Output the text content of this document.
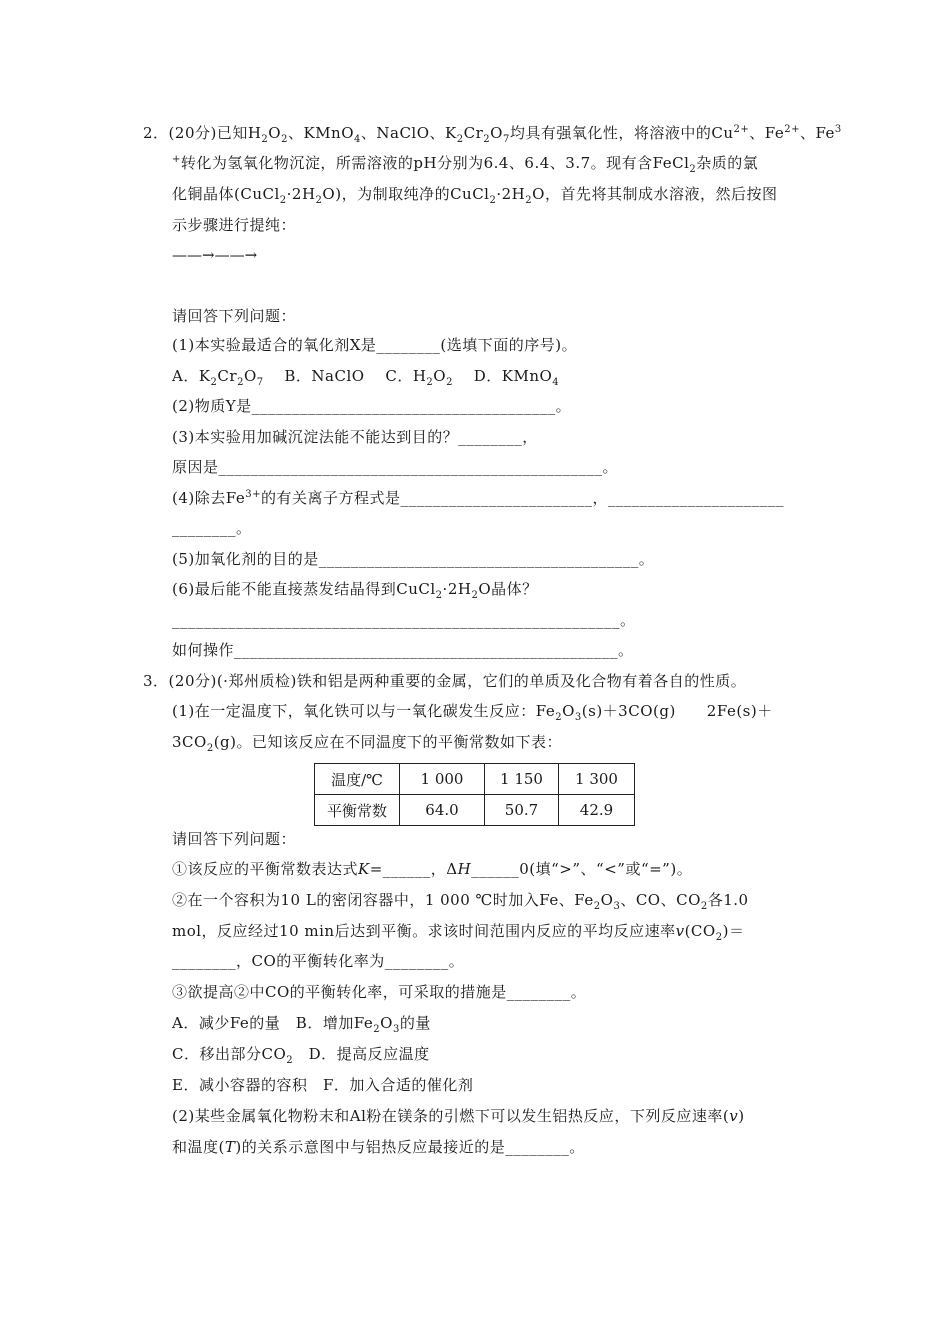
2．(20分)已知$H_2O_2$、KMnO$_4$、NaClO、$K_2Cr_2O_7$均具有强氧化性，将溶液中的$Cu^{2+}$、$Fe^{2+}$、Fe$^3$
+转化为氢氧化物沉淀，所需溶液的pH分别为6.4、6.4、3.7。现有含FeCl$_2$杂质的氯
化铜晶体$(CuCl_2\cdot 2H_2O)$，为制取纯净的$CuCl_2\cdot 2H_2O$，首先将其制成水溶液，然后按图
示步骤进行提纯：
——→——→
请回答下列问题：
(1)本实验最适合的氧化剂X是________(选填下面的序号)。
A．$K_2Cr_2O_7$　 B．NaClO　 C．$H_2O_2$　 D．KMnO$_4$
(2)物质Y是______________________________________。
(3)本实验用加碱沉淀法能不能达到目的？________，
原因是________________________________________________。
(4)除去$Fe^{3+}$的有关离子方程式是________________________，______________________
________。
(5)加氧化剂的目的是________________________________________。
(6)最后能不能直接蒸发结晶得到$CuCl_2\cdot 2H_2O$晶体？
________________________________________________________。
如何操作________________________________________________。
3．(20分)(·郑州质检)铁和铝是两种重要的金属，它们的单质及化合物有着各自的性质。
(1)在一定温度下，氧化铁可以与一氧化碳发生反应：$Fe_2O_3(s)+3CO(g)$　　2Fe(s)＋
$3CO_2(g)$。已知该反应在不同温度下的平衡常数如下表：
温度/℃	1 000	1 150	1 300
平衡常数	64.0	50.7	42.9
请回答下列问题：
①该反应的平衡常数表达式K=______，ΔH______0(填“>”、“<”或“=”)。
②在一个容积为10 L的密闭容器中，1 000 ℃时加入Fe、$Fe_2O_3$、CO、$CO_2$各1.0
mol，反应经过10 min后达到平衡。求该时间范围内反应的平均反应速率$v(CO_2)=$
________，CO的平衡转化率为________。
③欲提高②中CO的平衡转化率，可采取的措施是________。
A．减少Fe的量　B．增加$Fe_2O_3$的量
C．移出部分$CO_2$　D．提高反应温度
E．减小容器的容积　F．加入合适的催化剂
(2)某些金属氧化物粉末和Al粉在镁条的引燃下可以发生铝热反应，下列反应速率(v)
和温度(T)的关系示意图中与铝热反应最接近的是________。
